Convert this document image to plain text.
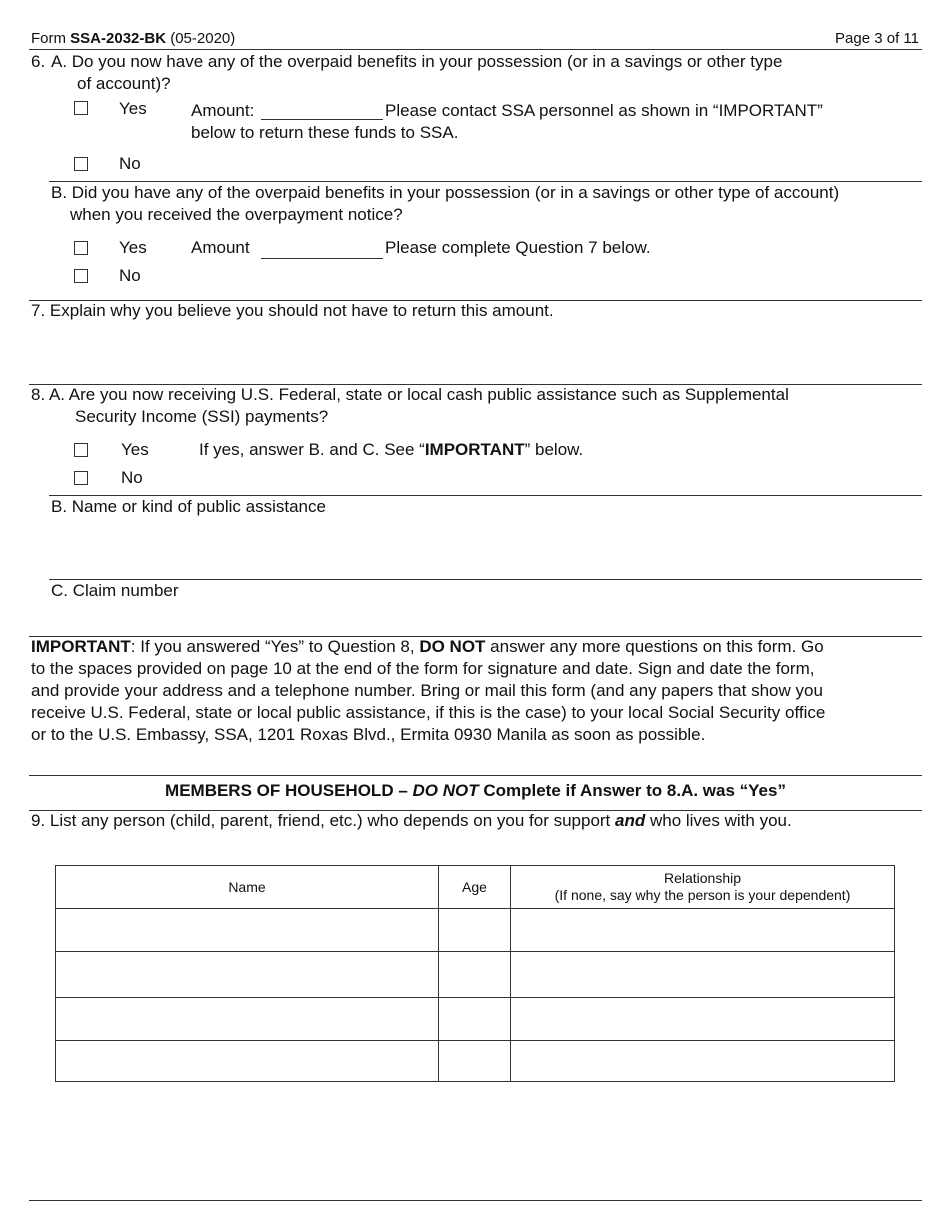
Form SSA-2032-BK (05-2020)	Page 3 of 11
6. A. Do you now have any of the overpaid benefits in your possession (or in a savings or other type
of account)?
Yes	Amount:	Please contact SSA personnel as shown in “IMPORTANT”
below to return these funds to SSA.
No
B. Did you have any of the overpaid benefits in your possession (or in a savings or other type of account)
when you received the overpayment notice?
Yes	Amount	Please complete Question 7 below.
No
7. Explain why you believe you should not have to return this amount.
8. A. Are you now receiving U.S. Federal, state or local cash public assistance such as Supplemental
Security Income (SSI) payments?
Yes	If yes, answer B. and C. See “IMPORTANT” below.
No
B. Name or kind of public assistance
C. Claim number
IMPORTANT: If you answered “Yes” to Question 8, DO NOT answer any more questions on this form. Go
to the spaces provided on page 10 at the end of the form for signature and date. Sign and date the form,
and provide your address and a telephone number. Bring or mail this form (and any papers that show you
receive U.S. Federal, state or local public assistance, if this is the case) to your local Social Security office
or to the U.S. Embassy, SSA, 1201 Roxas Blvd., Ermita 0930 Manila as soon as possible.
MEMBERS OF HOUSEHOLD – DO NOT Complete if Answer to 8.A. was “Yes”
9. List any person (child, parent, friend, etc.) who depends on you for support and who lives with you.
Name	Age	Relationship
(If none, say why the person is your dependent)
